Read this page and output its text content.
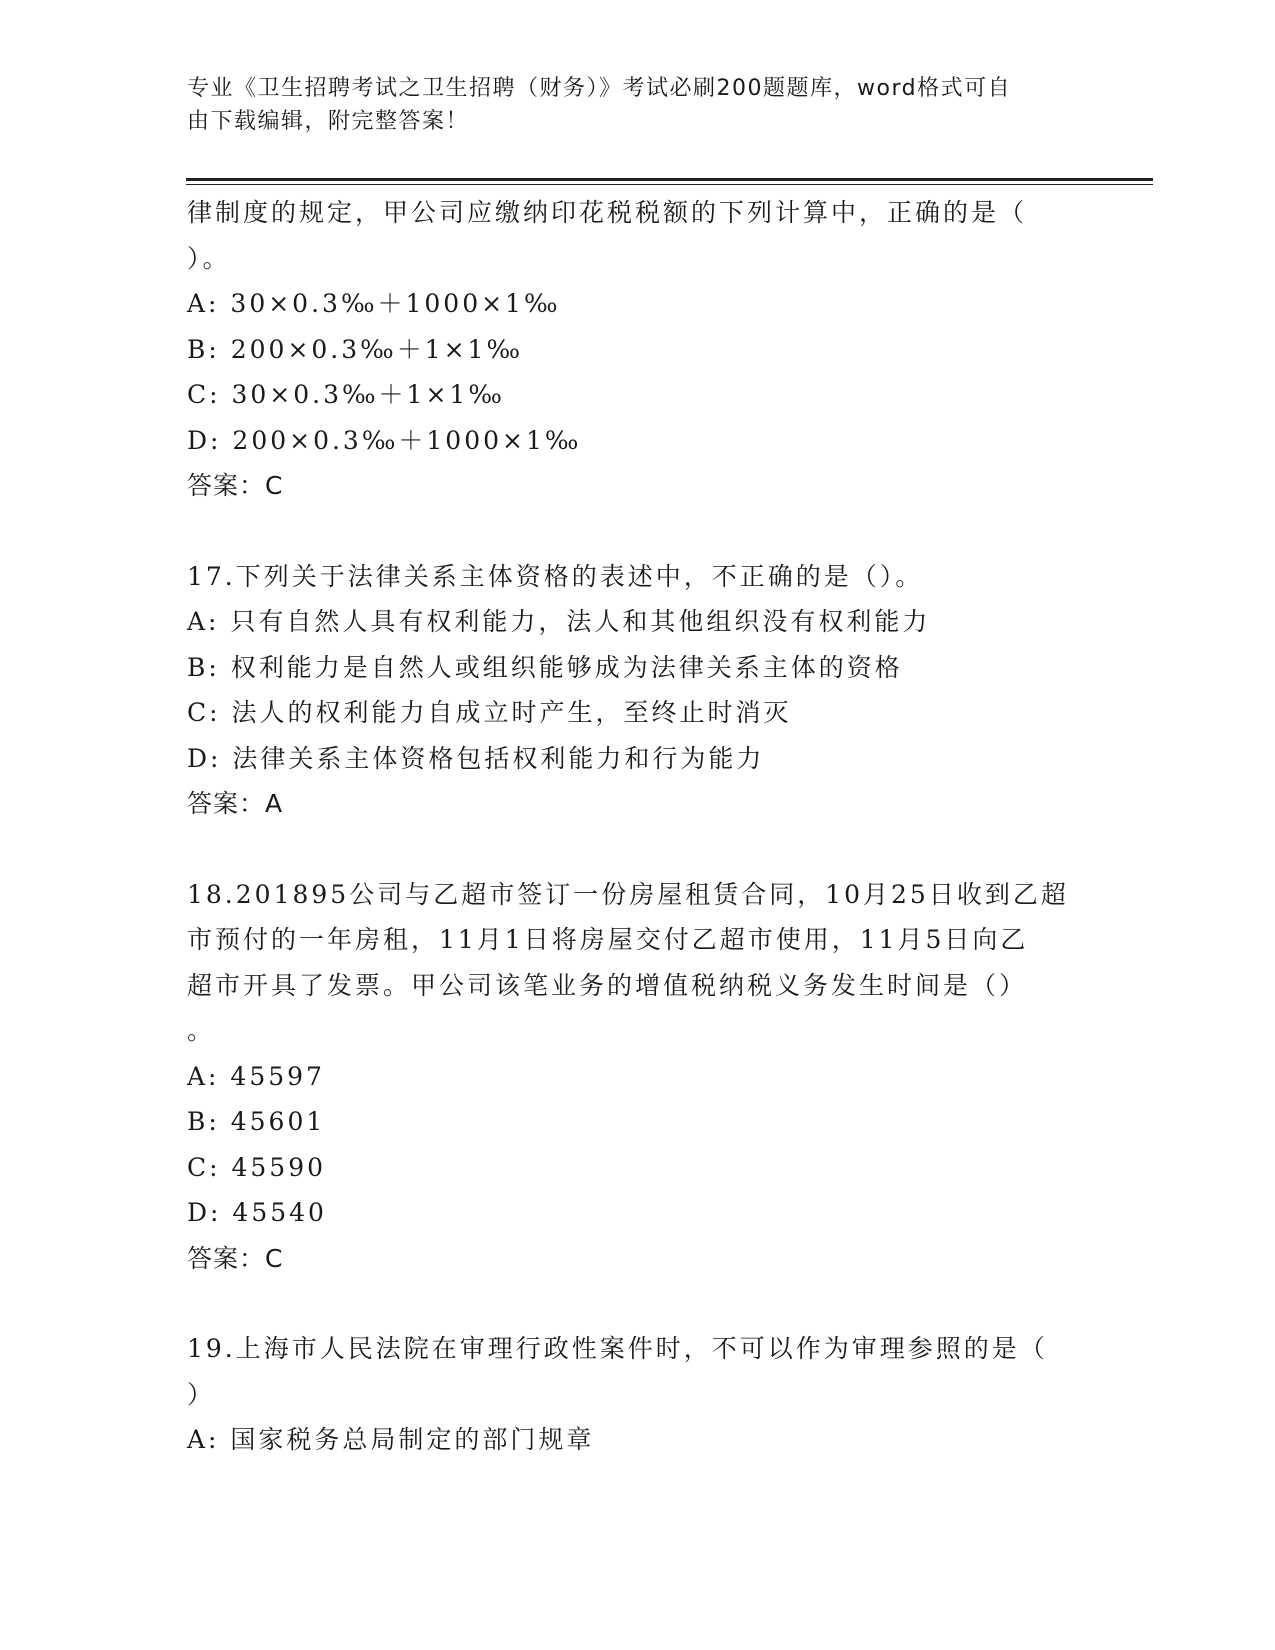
专业《卫生招聘考试之卫生招聘（财务）》考试必刷200题题库，word格式可自
由下载编辑，附完整答案！
律制度的规定，甲公司应缴纳印花税税额的下列计算中，正确的是（
）。
A: 30×0.3‰＋1000×1‰
B: 200×0.3‰＋1×1‰
C: 30×0.3‰＋1×1‰
D: 200×0.3‰＋1000×1‰
答案：C
17.下列关于法律关系主体资格的表述中，不正确的是（）。
A: 只有自然人具有权利能力，法人和其他组织没有权利能力
B: 权利能力是自然人或组织能够成为法律关系主体的资格
C: 法人的权利能力自成立时产生，至终止时消灭
D: 法律关系主体资格包括权利能力和行为能力
答案：A
18.201895公司与乙超市签订一份房屋租赁合同，10月25日收到乙超
市预付的一年房租，11月1日将房屋交付乙超市使用，11月5日向乙
超市开具了发票。甲公司该笔业务的增值税纳税义务发生时间是（）
。
A: 45597
B: 45601
C: 45590
D: 45540
答案：C
19.上海市人民法院在审理行政性案件时，不可以作为审理参照的是（
）
A: 国家税务总局制定的部门规章
